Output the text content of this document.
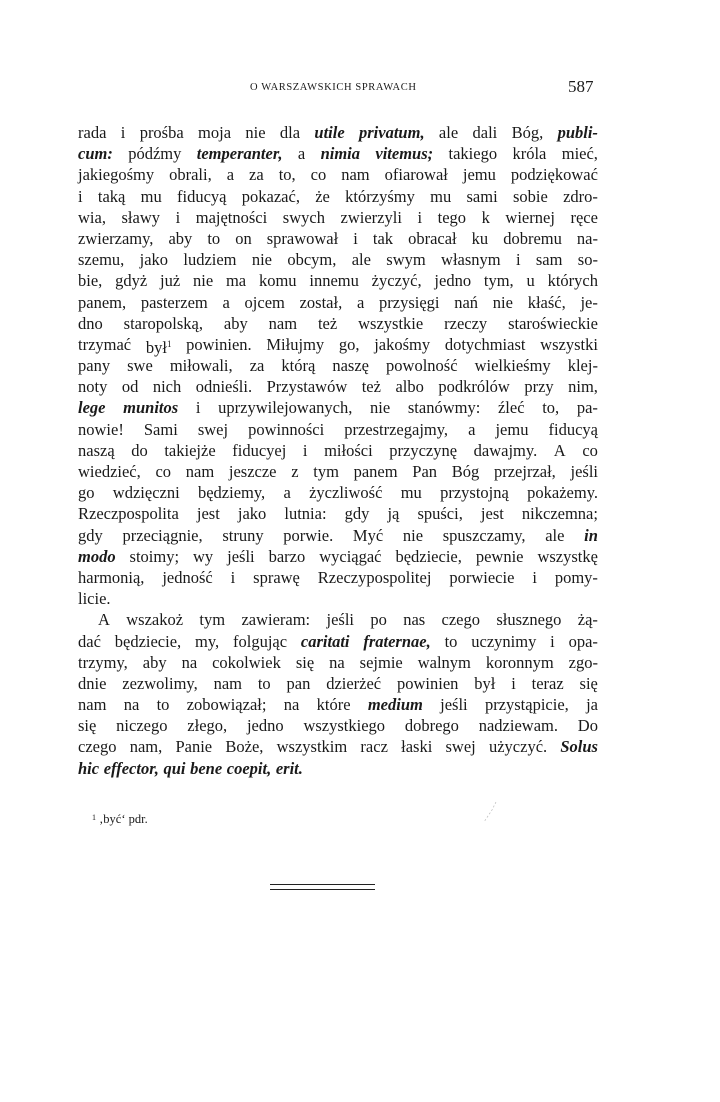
O WARSZAWSKICH SPRAWACH	587
rada i prośba moja nie dla utile privatum, ale dali Bóg, publi-
cum: pódźmy temperanter, a nimia vitemus; takiego króla mieć,
jakiegośmy obrali, a za to, co nam ofiarował jemu podziękować
i taką mu fiducyą pokazać, że którzyśmy mu sami sobie zdro-
wia, sławy i majętności swych zwierzyli i tego k wiernej ręce
zwierzamy, aby to on sprawował i tak obracał ku dobremu na-
szemu, jako ludziem nie obcym, ale swym własnym i sam so-
bie, gdyż już nie ma komu innemu życzyć, jedno tym, u których
panem, pasterzem a ojcem został, a przysięgi nań nie kłaść, je-
dno staropolską, aby nam też wszystkie rzeczy staroświeckie
trzymać był$^1$ powinien. Miłujmy go, jakośmy dotychmiast wszystki
pany swe miłowali, za którą naszę powolność wielkieśmy klej-
noty od nich odnieśli. Przystawów też albo podkrólów przy nim,
lege munitos i uprzywilejowanych, nie stanówmy: źleć to, pa-
nowie! Sami swej powinności przestrzegajmy, a jemu fiducyą
naszą do takiejże fiducyej i miłości przyczynę dawajmy. A co
wiedzieć, co nam jeszcze z tym panem Pan Bóg przejrzał, jeśli
go wdzięczni będziemy, a życzliwość mu przystojną pokażemy.
Rzeczpospolita jest jako lutnia: gdy ją spuści, jest nikczemna;
gdy przeciągnie, struny porwie. Myć nie spuszczamy, ale in
modo stoimy; wy jeśli barzo wyciągać będziecie, pewnie wszystkę
harmonią, jedność i sprawę Rzeczypospolitej porwiecie i pomy-
licie.
A wszakoż tym zawieram: jeśli po nas czego słusznego żą-
dać będziecie, my, folgując caritati fraternae, to uczynimy i opa-
trzymy, aby na cokolwiek się na sejmie walnym koronnym zgo-
dnie zezwolimy, nam to pan dzierżeć powinien był i teraz się
nam na to zobowiązał; na które medium jeśli przystąpicie, ja
się niczego złego, jedno wszystkiego dobrego nadziewam. Do
czego nam, Panie Boże, wszystkim racz łaski swej użyczyć. Solus
hic effector, qui bene coepit, erit.
$^1$ ‚być‘ pdr.
